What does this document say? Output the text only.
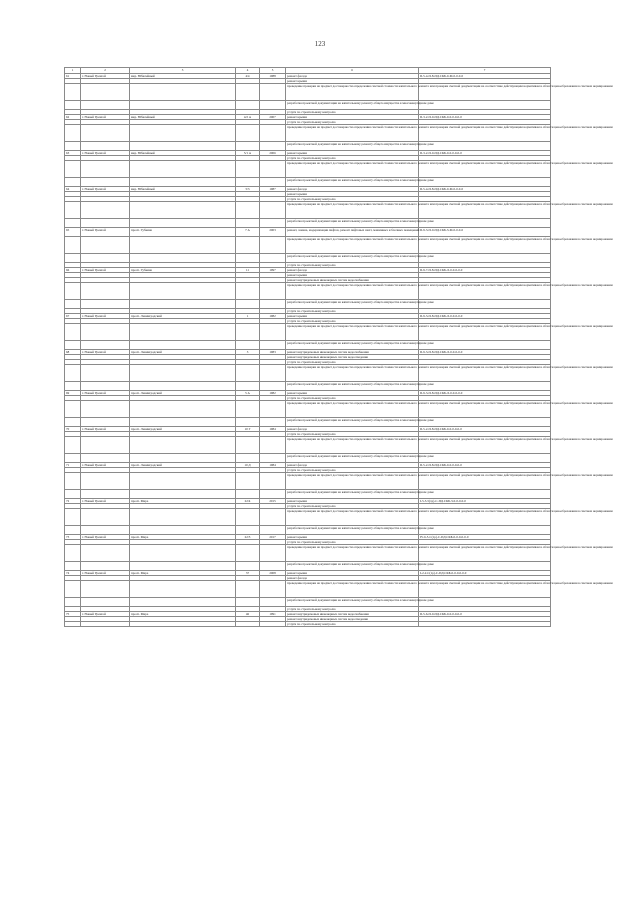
123
1	2	3	4	5	6	7
61	г. Новый Уренгой	мкр. Юбилейный	4/4	1988	ремонт фасада	II-5-4-П-8-ПД.СКБ-0-М-0-0-0-0
					ремонт крыши	
					проведение проверки на предмет достоверности определения сметной стоимости капитального ремонта или проверки сметной документации на соответствие действующим нормативам в области ценообразования в сметном нормировании	
					разработка проектной документации на капитальному ремонту общего имущества в многоквартирном доме	
					услуги по строительному контролю	
62	г. Новый Уренгой	мкр. Юбилейный	4/2 А	2007	ремонт крыши	II-3-2-П-0-ПД.СКБ-0-0-0-0-0-0
					услуги по строительному контролю	
					проведение проверки на предмет достоверности определения сметной стоимости капитального ремонта или проверки сметной документации на соответствие действующим нормативам в области ценообразования в сметном нормировании	
					разработка проектной документации на капитальному ремонту общего имущества в многоквартирном доме	
63	г. Новый Уренгой	мкр. Юбилейный	5/1 А	2006	ремонт крыши	II-3-2-П-0-ПД.СКБ-0-0-0-0-0-0
					услуги по строительному контролю	
					проведение проверки на предмет достоверности определения сметной стоимости капитального ремонта или проверки сметной документации на соответствие действующим нормативам в области ценообразования в сметном нормировании	
					разработка проектной документации на капитальному ремонту общего имущества в многоквартирном доме	
64	г. Новый Уренгой	мкр. Юбилейный	5/3	1987	ремонт фасада	II-5-4-П-8-ПД.СКБ-0-М-0-0-0-0
					ремонт крыши	
					услуги по строительному контролю	
					проведение проверки на предмет достоверности определения сметной стоимости капитального ремонта или проверки сметной документации на соответствие действующим нормативам в области ценообразования в сметном нормировании	
					разработка проектной документации на капитальному ремонту общего имущества в многоквартирном доме	
65	г. Новый Уренгой	просп. Губкина	7 А	2003	ремонт, замена, модернизация лифтов, ремонт лифтовых шахт, машинных и блочных помещений	II-9-3-П-0-ПД.СКБ-З-М-0-0-0-0
					проведение проверки на предмет достоверности определения сметной стоимости капитального ремонта или проверки сметной документации на соответствие действующим нормативам в области ценообразования в сметном нормировании	
					разработка проектной документации на капитальному ремонту общего имущества в многоквартирном доме	
					услуги по строительному контролю	
66	г. Новый Уренгой	просп. Губкина	11	1997	ремонт фасада	II-9-7-П-8-ПД.СКБ-Л-0-0-0-0-0
					ремонт крыши	
					ремонт внутридомовых инженерных систем водоснабжения	
					проведение проверки на предмет достоверности определения сметной стоимости капитального ремонта или проверки сметной документации на соответствие действующим нормативам в области ценообразования в сметном нормировании	
					разработка проектной документации на капитальному ремонту общего имущества в многоквартирном доме	
					услуги по строительному контролю	
67	г. Новый Уренгой	просп. Ленинградский	1	1982	ремонт крыши	II-9-3-П-8-ПД.СКБ-Л-0-0-0-0-0
					услуги по строительному контролю	
					проведение проверки на предмет достоверности определения сметной стоимости капитального ремонта или проверки сметной документации на соответствие действующим нормативам в области ценообразования в сметном нормировании	
					разработка проектной документации на капитальному ремонту общего имущества в многоквартирном доме	
68	г. Новый Уренгой	просп. Ленинградский	3	1983	ремонт внутридомовых инженерных систем водоснабжения	II-9-3-П-8-ПД.СКБ-Л-0-0-0-0-0
					ремонт внутридомовых инженерных систем водоотведения	
					услуги по строительному контролю	
					проведение проверки на предмет достоверности определения сметной стоимости капитального ремонта или проверки сметной документации на соответствие действующим нормативам в области ценообразования в сметном нормировании	
					разработка проектной документации на капитальному ремонту общего имущества в многоквартирном доме	
69	г. Новый Уренгой	просп. Ленинградский	5 А	1982	ремонт крыши	II-9-3-П-8-ПД.СКБ-Л-0-0-0-0-0
					услуги по строительному контролю	
					проведение проверки на предмет достоверности определения сметной стоимости капитального ремонта или проверки сметной документации на соответствие действующим нормативам в области ценообразования в сметном нормировании	
					разработка проектной документации на капитальному ремонту общего имущества в многоквартирном доме	
70	г. Новый Уренгой	просп. Ленинградский	10 Г	1984	ремонт фасада	II-5-2-П-8-ПД.СКБ-0-0-0-0-0-0
					услуги по строительному контролю	
					проведение проверки на предмет достоверности определения сметной стоимости капитального ремонта или проверки сметной документации на соответствие действующим нормативам в области ценообразования в сметном нормировании	
					разработка проектной документации на капитальному ремонту общего имущества в многоквартирном доме	
71	г. Новый Уренгой	просп. Ленинградский	10 Д	1984	ремонт фасада	II-5-2-П-8-ПД.СКБ-0-0-0-0-0-0
					услуги по строительному контролю	
					проведение проверки на предмет достоверности определения сметной стоимости капитального ремонта или проверки сметной документации на соответствие действующим нормативам в области ценообразования в сметном нормировании	
					разработка проектной документации на капитальному ремонту общего имущества в многоквартирном доме	
72	г. Новый Уренгой	просп. Мира	22/4	2015	ремонт крыши	I-5-3-5(1р)-С-ПД.СКБ-З-0-0-0-0-0
					услуги по строительному контролю	
					проведение проверки на предмет достоверности определения сметной стоимости капитального ремонта или проверки сметной документации на соответствие действующим нормативам в области ценообразования в сметном нормировании	
					разработка проектной документации на капитальному ремонту общего имущества в многоквартирном доме	
73	г. Новый Уренгой	просп. Мира	22/5	2017	ремонт крыши	IV-6-5-С(1р)-С-ПД.СКБ-0-0-0-0-0-0
					услуги по строительному контролю	
					проведение проверки на предмет достоверности определения сметной стоимости капитального ремонта или проверки сметной документации на соответствие действующим нормативам в области ценообразования в сметном нормировании	
					разработка проектной документации на капитальному ремонту общего имущества в многоквартирном доме	
74	г. Новый Уренгой	просп. Мира	37	2008	ремонт крыши	I-2-2-С(1р)-С-ПД.СКБ-0-0-0-0-0-0
					ремонт фасада	
					проведение проверки на предмет достоверности определения сметной стоимости капитального ремонта или проверки сметной документации на соответствие действующим нормативам в области ценообразования в сметном нормировании	
					разработка проектной документации на капитальному ремонту общего имущества в многоквартирном доме	
					услуги по строительному контролю	
75	г. Новый Уренгой	просп. Мира	46	1991	ремонт внутридомовых инженерных систем водоснабжения	II-5-6-П-0-ПД.СКБ-0-0-0-0-0-0
					ремонт внутридомовых инженерных систем водоотведения	
					услуги по строительному контролю	
